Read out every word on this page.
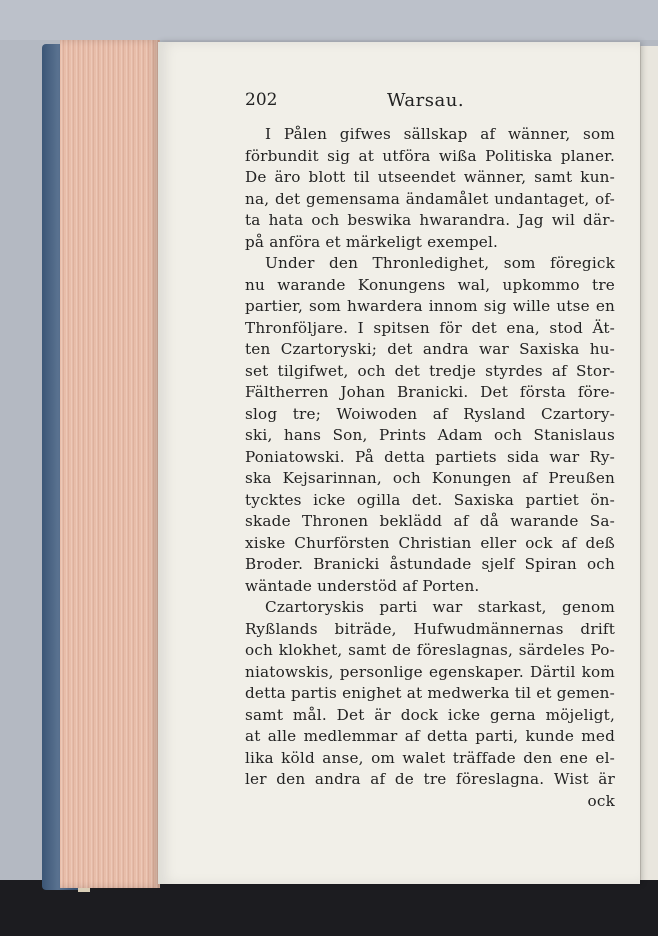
202	Warsau.
I Pålen gifwes sällskap af wänner, som
förbundit sig at utföra wißa Politiska planer.
De äro blott til utseendet wänner, samt kun-
na, det gemensama ändamålet undantaget, of-
ta hata och beswika hwarandra. Jag wil där-
på anföra et märkeligt exempel.
Under den Thronledighet, som föregick
nu warande Konungens wal, upkommo tre
partier, som hwardera innom sig wille utse en
Thronföljare. I spitsen för det ena, stod Ät-
ten Czartoryski; det andra war Saxiska hu-
set tilgifwet, och det tredje styrdes af Stor-
Fältherren Johan Branicki. Det första före-
slog tre; Woiwoden af Rysland Czartory-
ski, hans Son, Prints Adam och Stanislaus
Poniatowski. På detta partiets sida war Ry-
ska Kejsarinnan, och Konungen af Preußen
tycktes icke ogilla det. Saxiska partiet ön-
skade Thronen beklädd af då warande Sa-
xiske Churförsten Christian eller ock af deß
Broder. Branicki åstundade sjelf Spiran och
wäntade understöd af Porten.
Czartoryskis parti war starkast, genom
Ryßlands biträde, Hufwudmännernas drift
och klokhet, samt de föreslagnas, särdeles Po-
niatowskis, personlige egenskaper. Därtil kom
detta partis enighet at medwerka til et gemen-
samt mål. Det är dock icke gerna möjeligt,
at alle medlemmar af detta parti, kunde med
lika köld anse, om walet träffade den ene el-
ler den andra af de tre föreslagna. Wist är
ock
